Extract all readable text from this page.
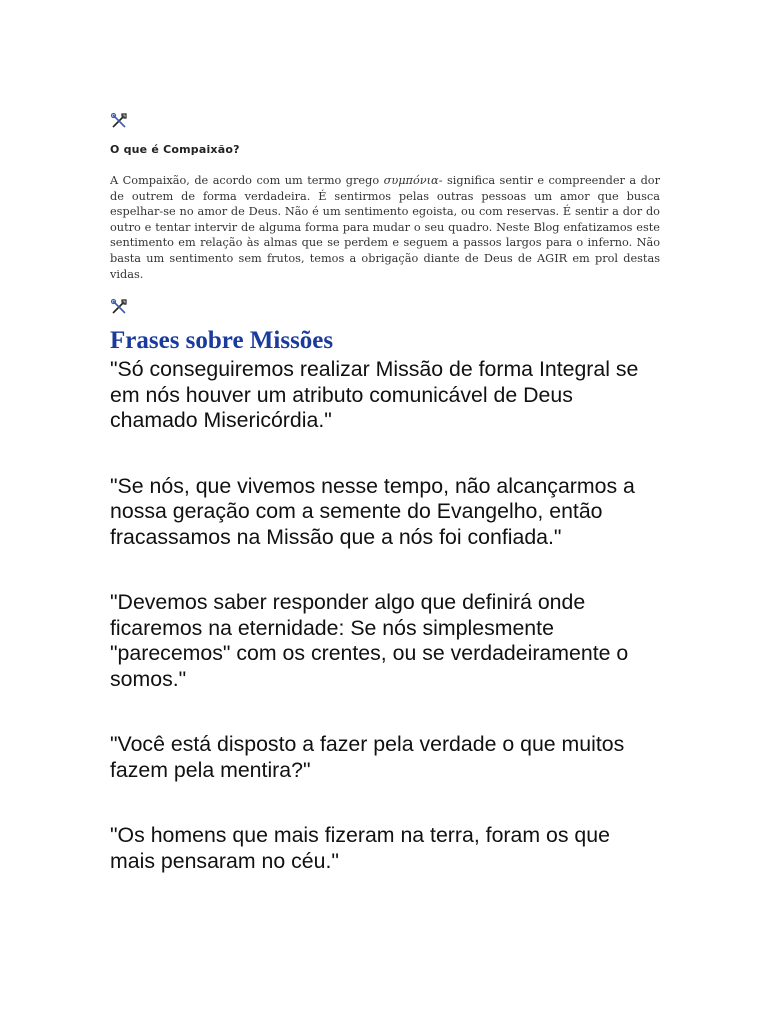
O que é Compaixão?

A Compaixão, de acordo com um termo grego συμπόνια- significa sentir e compreender a dor de outrem de forma verdadeira. É sentirmos pelas outras pessoas um amor que busca espelhar-se no amor de Deus. Não é um sentimento egoista, ou com reservas. É sentir a dor do outro e tentar intervir de alguma forma para mudar o seu quadro. Neste Blog enfatizamos este sentimento em relação às almas que se perdem e seguem a passos largos para o inferno. Não basta um sentimento sem frutos, temos a obrigação diante de Deus de AGIR em prol destas vidas.

Frases sobre Missões
"Só conseguiremos realizar Missão de forma Integral se em nós houver um atributo comunicável de Deus chamado Misericórdia."
"Se nós, que vivemos nesse tempo, não alcançarmos a nossa geração com a semente do Evangelho, então fracassamos na Missão que a nós foi confiada."
"Devemos saber responder algo que definirá onde ficaremos na eternidade: Se nós simplesmente "parecemos" com os crentes, ou se verdadeiramente o somos."
"Você está disposto a fazer pela verdade o que muitos fazem pela mentira?"
"Os homens que mais fizeram na terra, foram os que mais pensaram no céu."
